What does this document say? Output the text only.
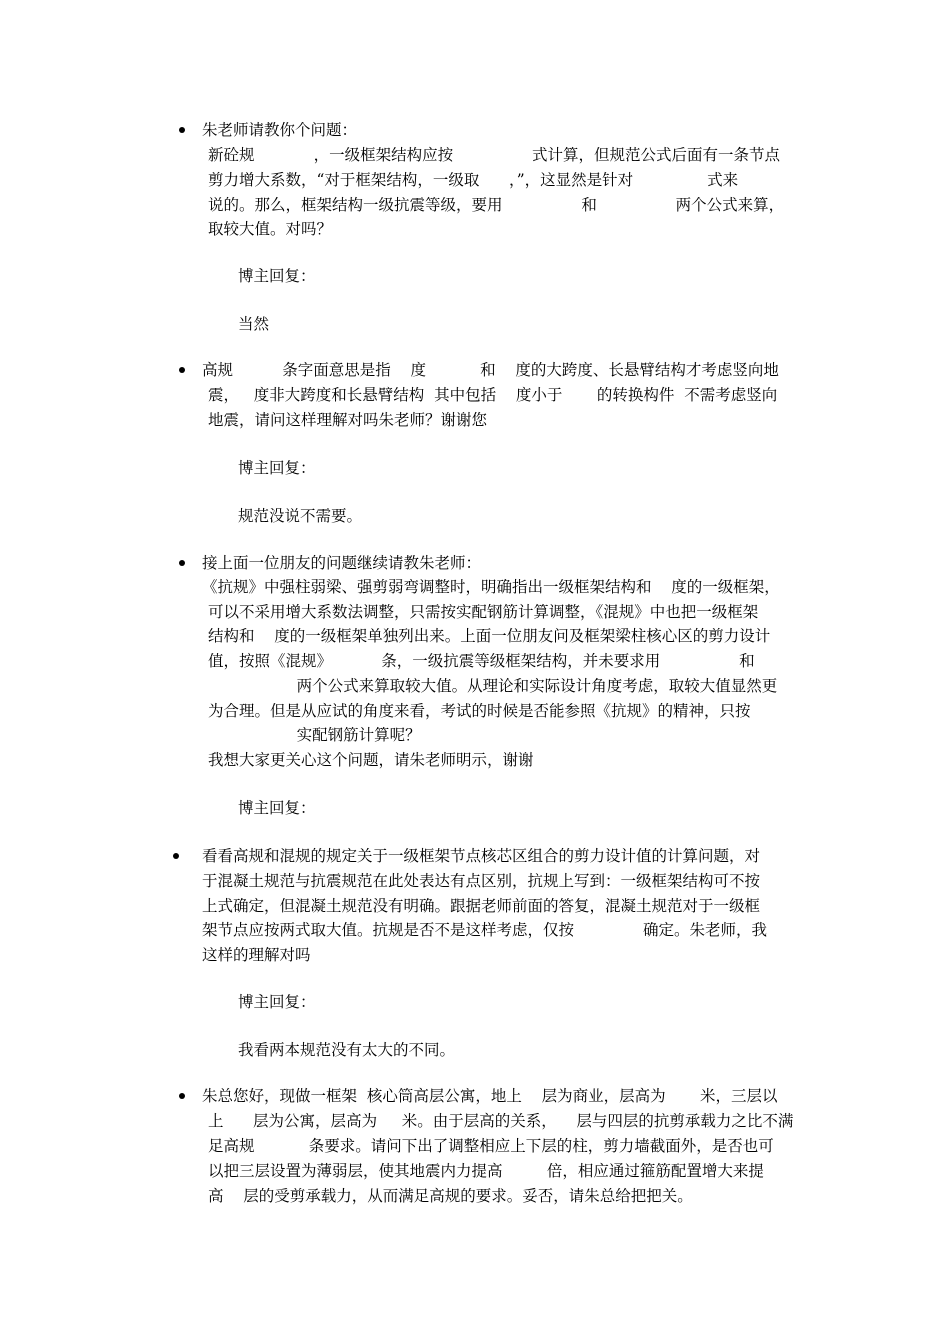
朱老师请教你个问题：
新砼规            ，一级框架结构应按                式计算，但规范公式后面有一条节点
剪力增大系数，“对于框架结构，一级取      ，”，这显然是针对               式来
说的。那么，框架结构一级抗震等级，要用                和                两个公式来算，
取较大值。对吗？
博主回复：
当然
高规          条字面意思是指    度           和    度的大跨度、长悬臂结构才考虑竖向地
震，   度非大跨度和长悬臂结构  其中包括    度小于       的转换构件  不需考虑竖向
地震，请问这样理解对吗朱老师？谢谢您
博主回复：
规范没说不需要。
接上面一位朋友的问题继续请教朱老师：
《抗规》中强柱弱梁、强剪弱弯调整时，明确指出一级框架结构和    度的一级框架，
可以不采用增大系数法调整，只需按实配钢筋计算调整，《混规》中也把一级框架
结构和    度的一级框架单独列出来。上面一位朋友问及框架梁柱核心区的剪力设计
值，按照《混规》          条，一级抗震等级框架结构，并未要求用                和
两个公式来算取较大值。从理论和实际设计角度考虑，取较大值显然更
为合理。但是从应试的角度来看，考试的时候是否能参照《抗规》的精神，只按
实配钢筋计算呢？
我想大家更关心这个问题，请朱老师明示，谢谢
博主回复：
看看高规和混规的规定关于一级框架节点核芯区组合的剪力设计值的计算问题，对
于混凝土规范与抗震规范在此处表达有点区别，抗规上写到：一级框架结构可不按
上式确定，但混凝土规范没有明确。跟据老师前面的答复，混凝土规范对于一级框
架节点应按两式取大值。抗规是否不是这样考虑，仅按              确定。朱老师，我
这样的理解对吗
博主回复：
我看两本规范没有太大的不同。
朱总您好，现做一框架  核心筒高层公寓，地上    层为商业，层高为       米，三层以
上      层为公寓，层高为     米。由于层高的关系，    层与四层的抗剪承载力之比不满
足高规           条要求。请问下出了调整相应上下层的柱，剪力墙截面外，是否也可
以把三层设置为薄弱层，使其地震内力提高         倍，相应通过箍筋配置增大来提
高    层的受剪承载力，从而满足高规的要求。妥否，请朱总给把把关。
